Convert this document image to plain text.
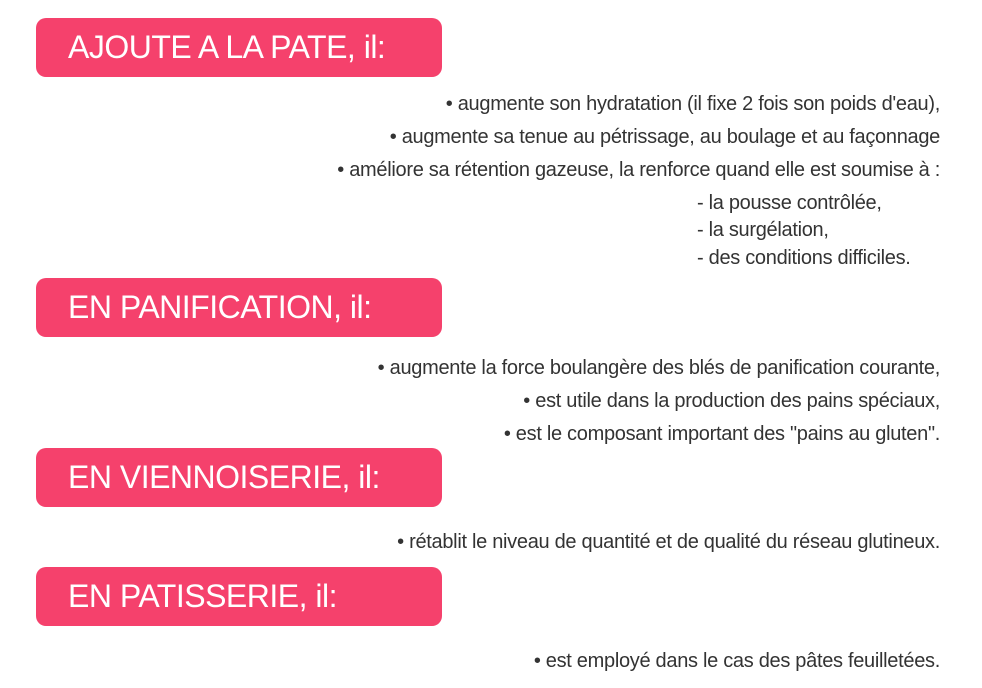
AJOUTE A LA PATE, il:
• augmente son hydratation (il fixe 2 fois son poids d'eau),
• augmente sa tenue au pétrissage, au boulage et au façonnage
• améliore sa rétention gazeuse, la renforce quand elle est soumise à :
- la pousse contrôlée,
- la surgélation,
- des conditions difficiles.
EN PANIFICATION, il:
• augmente la force boulangère des blés de panification courante,
• est utile dans la production des pains spéciaux,
• est le composant important des "pains au gluten".
EN VIENNOISERIE, il:
• rétablit le niveau de quantité et de qualité du réseau glutineux.
EN PATISSERIE, il:
• est employé dans le cas des pâtes feuilletées.
